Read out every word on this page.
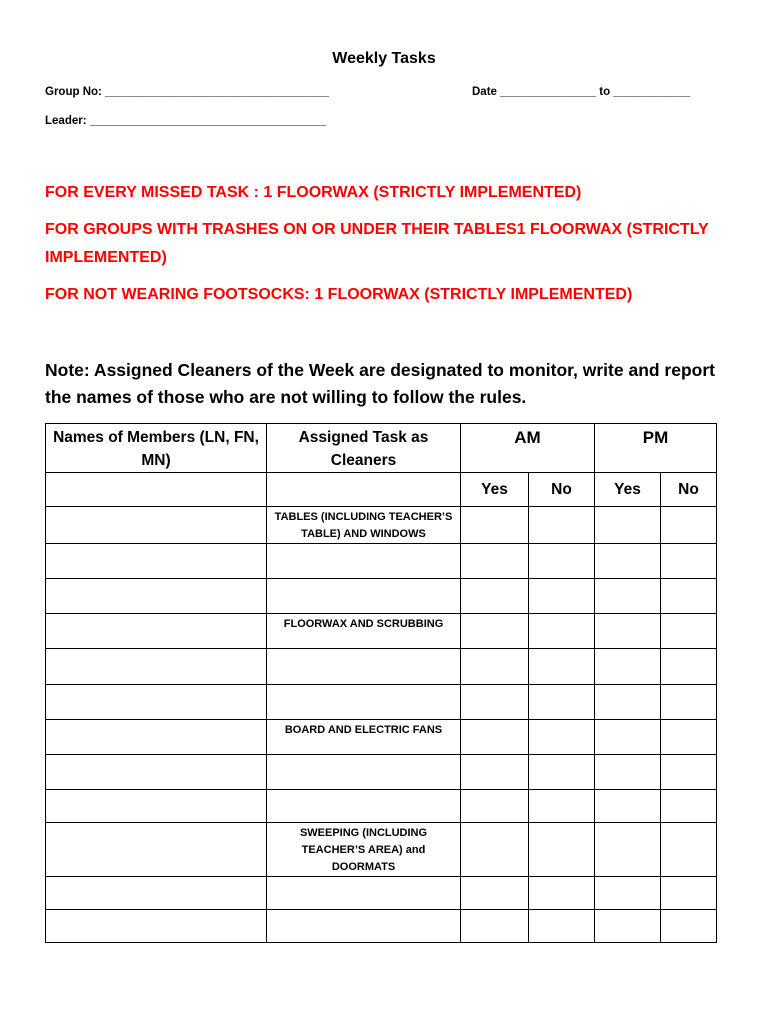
Weekly Tasks
Group No: ___________________________________	Date _______________ to ____________
Leader: _____________________________________
FOR EVERY MISSED TASK : 1 FLOORWAX (STRICTLY IMPLEMENTED)
FOR GROUPS WITH TRASHES ON OR UNDER THEIR TABLES1 FLOORWAX (STRICTLY IMPLEMENTED)
FOR NOT WEARING FOOTSOCKS: 1 FLOORWAX (STRICTLY IMPLEMENTED)
Note: Assigned Cleaners of the Week are designated to monitor, write and report the names of those who are not willing to follow the rules.
Names of Members (LN, FN, MN)	Assigned Task as Cleaners	AM		PM	
		Yes	No	Yes	No
	TABLES (INCLUDING TEACHER’S TABLE) AND WINDOWS				

	FLOORWAX AND SCRUBBING				

	BOARD AND ELECTRIC FANS				

	SWEEPING (INCLUDING TEACHER’S AREA) and DOORMATS				
